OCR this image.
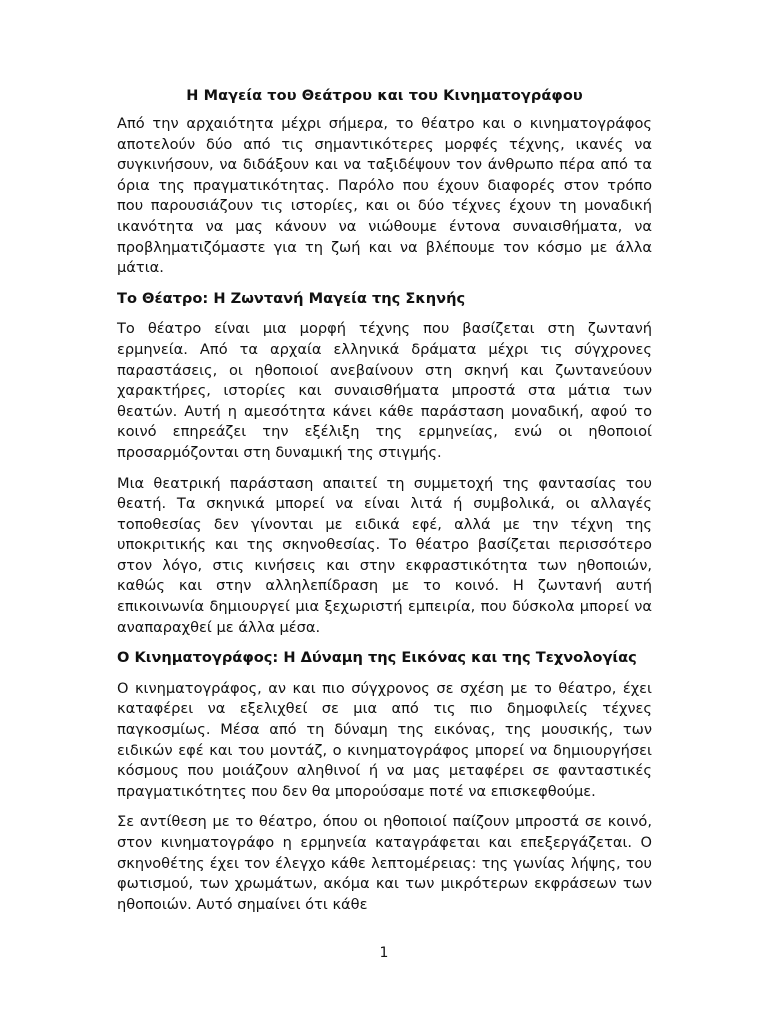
Η Μαγεία του Θεάτρου και του Κινηματογράφου

Από την αρχαιότητα μέχρι σήμερα, το θέατρο και ο κινηματογράφος αποτελούν δύο από τις σημαντικότερες μορφές τέχνης, ικανές να συγκινήσουν, να διδάξουν και να ταξιδέψουν τον άνθρωπο πέρα από τα όρια της πραγματικότητας. Παρόλο που έχουν διαφορές στον τρόπο που παρουσιάζουν τις ιστορίες, και οι δύο τέχνες έχουν τη μοναδική ικανότητα να μας κάνουν να νιώθουμε έντονα συναισθήματα, να προβληματιζόμαστε για τη ζωή και να βλέπουμε τον κόσμο με άλλα μάτια.

Το Θέατρο: Η Ζωντανή Μαγεία της Σκηνής

Το θέατρο είναι μια μορφή τέχνης που βασίζεται στη ζωντανή ερμηνεία. Από τα αρχαία ελληνικά δράματα μέχρι τις σύγχρονες παραστάσεις, οι ηθοποιοί ανεβαίνουν στη σκηνή και ζωντανεύουν χαρακτήρες, ιστορίες και συναισθήματα μπροστά στα μάτια των θεατών. Αυτή η αμεσότητα κάνει κάθε παράσταση μοναδική, αφού το κοινό επηρεάζει την εξέλιξη της ερμηνείας, ενώ οι ηθοποιοί προσαρμόζονται στη δυναμική της στιγμής.

Μια θεατρική παράσταση απαιτεί τη συμμετοχή της φαντασίας του θεατή. Τα σκηνικά μπορεί να είναι λιτά ή συμβολικά, οι αλλαγές τοποθεσίας δεν γίνονται με ειδικά εφέ, αλλά με την τέχνη της υποκριτικής και της σκηνοθεσίας. Το θέατρο βασίζεται περισσότερο στον λόγο, στις κινήσεις και στην εκφραστικότητα των ηθοποιών, καθώς και στην αλληλεπίδραση με το κοινό. Η ζωντανή αυτή επικοινωνία δημιουργεί μια ξεχωριστή εμπειρία, που δύσκολα μπορεί να αναπαραχθεί με άλλα μέσα.

Ο Κινηματογράφος: Η Δύναμη της Εικόνας και της Τεχνολογίας

Ο κινηματογράφος, αν και πιο σύγχρονος σε σχέση με το θέατρο, έχει καταφέρει να εξελιχθεί σε μια από τις πιο δημοφιλείς τέχνες παγκοσμίως. Μέσα από τη δύναμη της εικόνας, της μουσικής, των ειδικών εφέ και του μοντάζ, ο κινηματογράφος μπορεί να δημιουργήσει κόσμους που μοιάζουν αληθινοί ή να μας μεταφέρει σε φανταστικές πραγματικότητες που δεν θα μπορούσαμε ποτέ να επισκεφθούμε.

Σε αντίθεση με το θέατρο, όπου οι ηθοποιοί παίζουν μπροστά σε κοινό, στον κινηματογράφο η ερμηνεία καταγράφεται και επεξεργάζεται. Ο σκηνοθέτης έχει τον έλεγχο κάθε λεπτομέρειας: της γωνίας λήψης, του φωτισμού, των χρωμάτων, ακόμα και των μικρότερων εκφράσεων των ηθοποιών. Αυτό σημαίνει ότι κάθε

1
